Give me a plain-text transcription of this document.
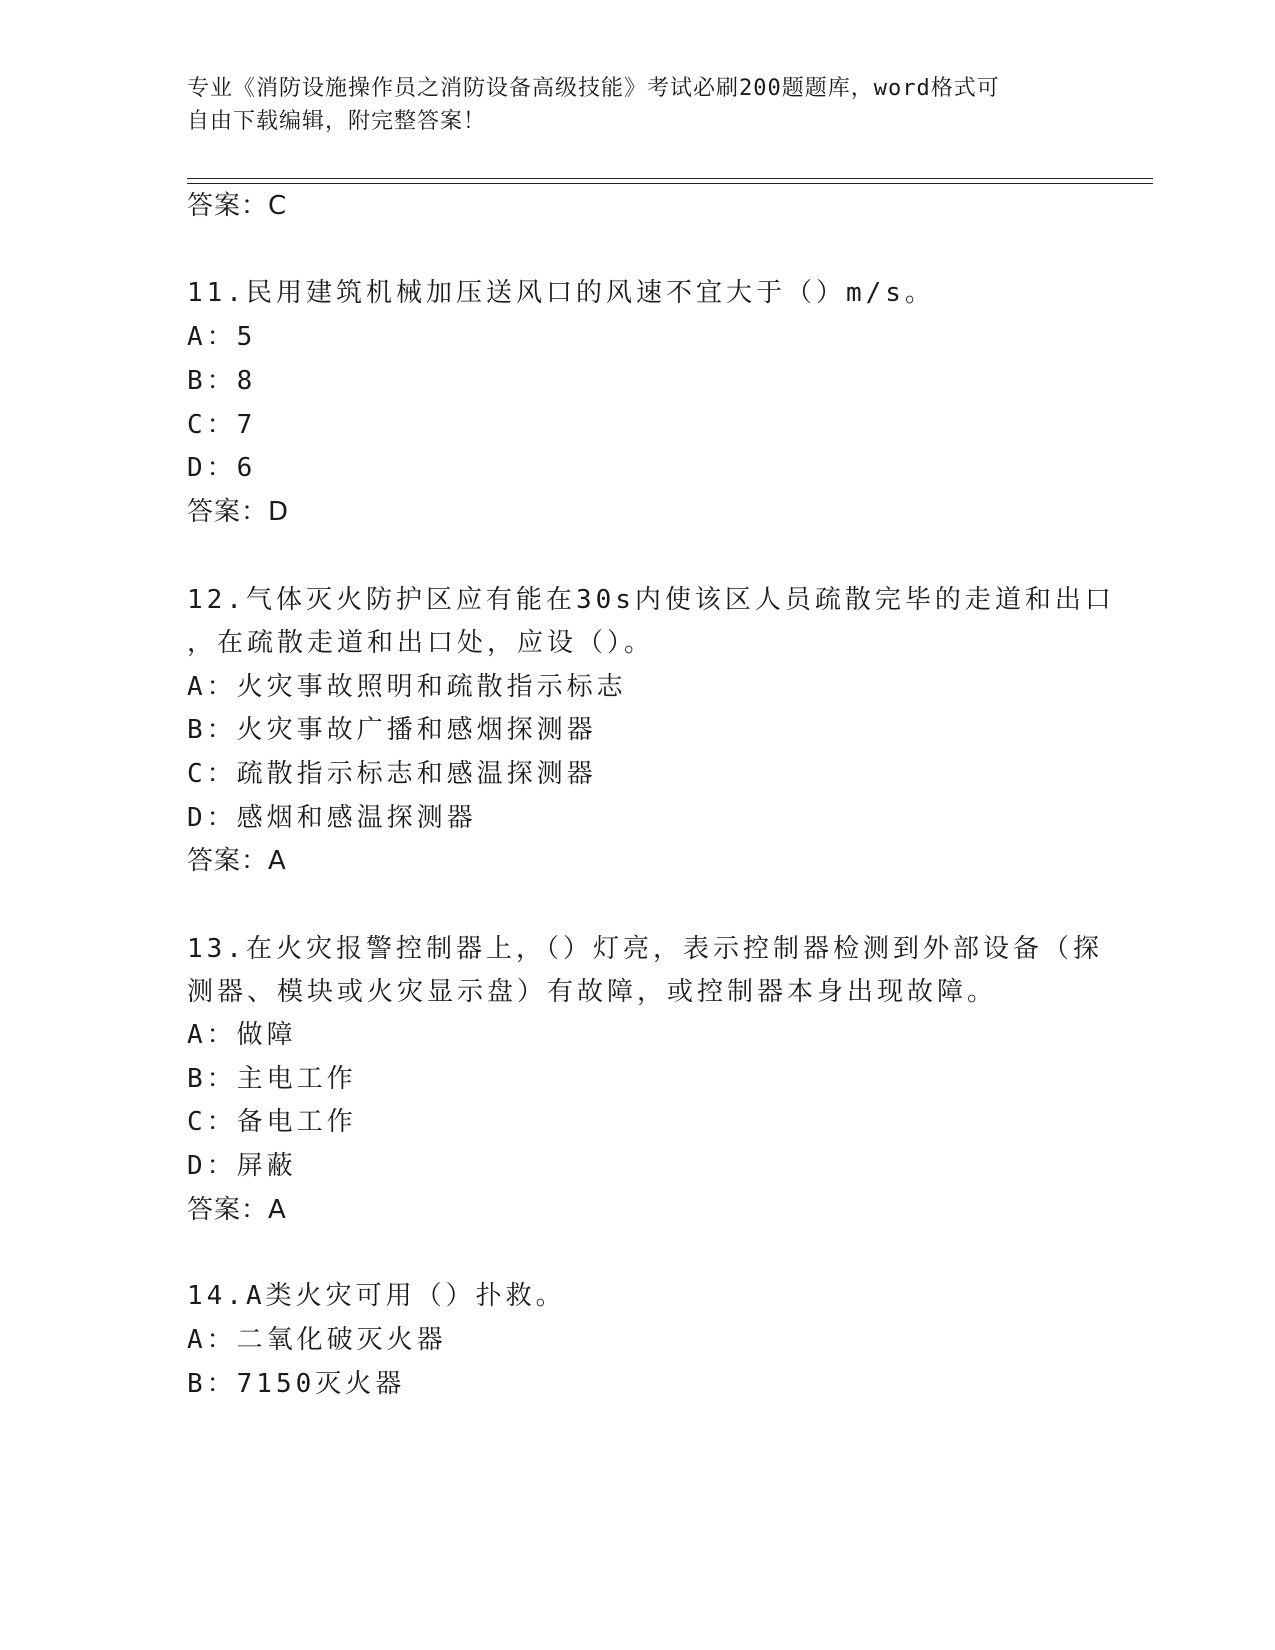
专业《消防设施操作员之消防设备高级技能》考试必刷200题题库，word格式可
自由下载编辑，附完整答案！
答案：C
11.民用建筑机械加压送风口的风速不宜大于（）m/s。
A：5
B：8
C：7
D：6
答案：D
12.气体灭火防护区应有能在30s内使该区人员疏散完毕的走道和出口
，在疏散走道和出口处，应设（）。
A：火灾事故照明和疏散指示标志
B：火灾事故广播和感烟探测器
C：疏散指示标志和感温探测器
D：感烟和感温探测器
答案：A
13.在火灾报警控制器上，（）灯亮，表示控制器检测到外部设备（探
测器、模块或火灾显示盘）有故障，或控制器本身出现故障。
A：做障
B：主电工作
C：备电工作
D：屏蔽
答案：A
14.A类火灾可用（）扑救。
A：二氧化破灭火器
B：7150灭火器
